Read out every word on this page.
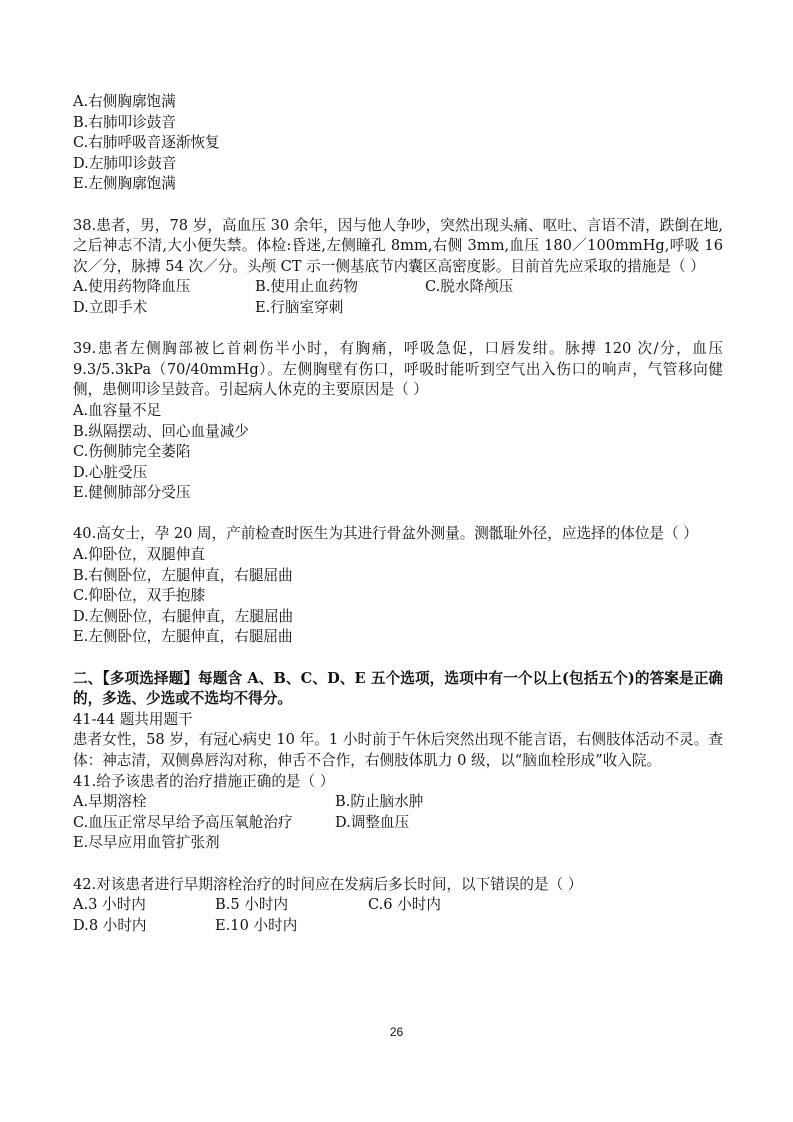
A.右侧胸廓饱满
B.右肺叩诊鼓音
C.右肺呼吸音逐渐恢复
D.左肺叩诊鼓音
E.左侧胸廓饱满
38.患者，男，78 岁，高血压 30 余年，因与他人争吵，突然出现头痛、呕吐、言语不清，跌倒在地,之后神志不清,大小便失禁。体检:昏迷,左侧瞳孔 8mm,右侧 3mm,血压 180／100mmHg,呼吸 16 次／分，脉搏 54 次／分。头颅 CT 示一侧基底节内囊区高密度影。目前首先应采取的措施是（ ）
A.使用药物降血压	B.使用止血药物	C.脱水降颅压
D.立即手术	E.行脑室穿刺
39.患者左侧胸部被匕首刺伤半小时，有胸痛，呼吸急促，口唇发绀。脉搏 120 次/分，血压 9.3/5.3kPa（70/40mmHg）。左侧胸壁有伤口，呼吸时能听到空气出入伤口的响声，气管移向健侧，患侧叩诊呈鼓音。引起病人休克的主要原因是（ ）
A.血容量不足
B.纵隔摆动、回心血量减少
C.伤侧肺完全萎陷
D.心脏受压
E.健侧肺部分受压
40.高女士，孕 20 周，产前检查时医生为其进行骨盆外测量。测骶耻外径，应选择的体位是（ ）
A.仰卧位，双腿伸直
B.右侧卧位，左腿伸直，右腿屈曲
C.仰卧位，双手抱膝
D.左侧卧位，右腿伸直，左腿屈曲
E.左侧卧位，左腿伸直，右腿屈曲
二、【多项选择题】每题含 A、B、C、D、E 五个选项，选项中有一个以上(包括五个)的答案是正确的，多选、少选或不选均不得分。
41-44 题共用题干
患者女性，58 岁，有冠心病史 10 年。1 小时前于午休后突然出现不能言语，右侧肢体活动不灵。查体：神志清，双侧鼻唇沟对称，伸舌不合作，右侧肢体肌力 0 级，以“脑血栓形成”收入院。
41.给予该患者的治疗措施正确的是（ ）
A.早期溶栓	B.防止脑水肿
C.血压正常尽早给予高压氧舱治疗	D.调整血压
E.尽早应用血管扩张剂
42.对该患者进行早期溶栓治疗的时间应在发病后多长时间，以下错误的是（ ）
A.3 小时内	B.5 小时内	C.6 小时内
D.8 小时内	E.10 小时内
26
